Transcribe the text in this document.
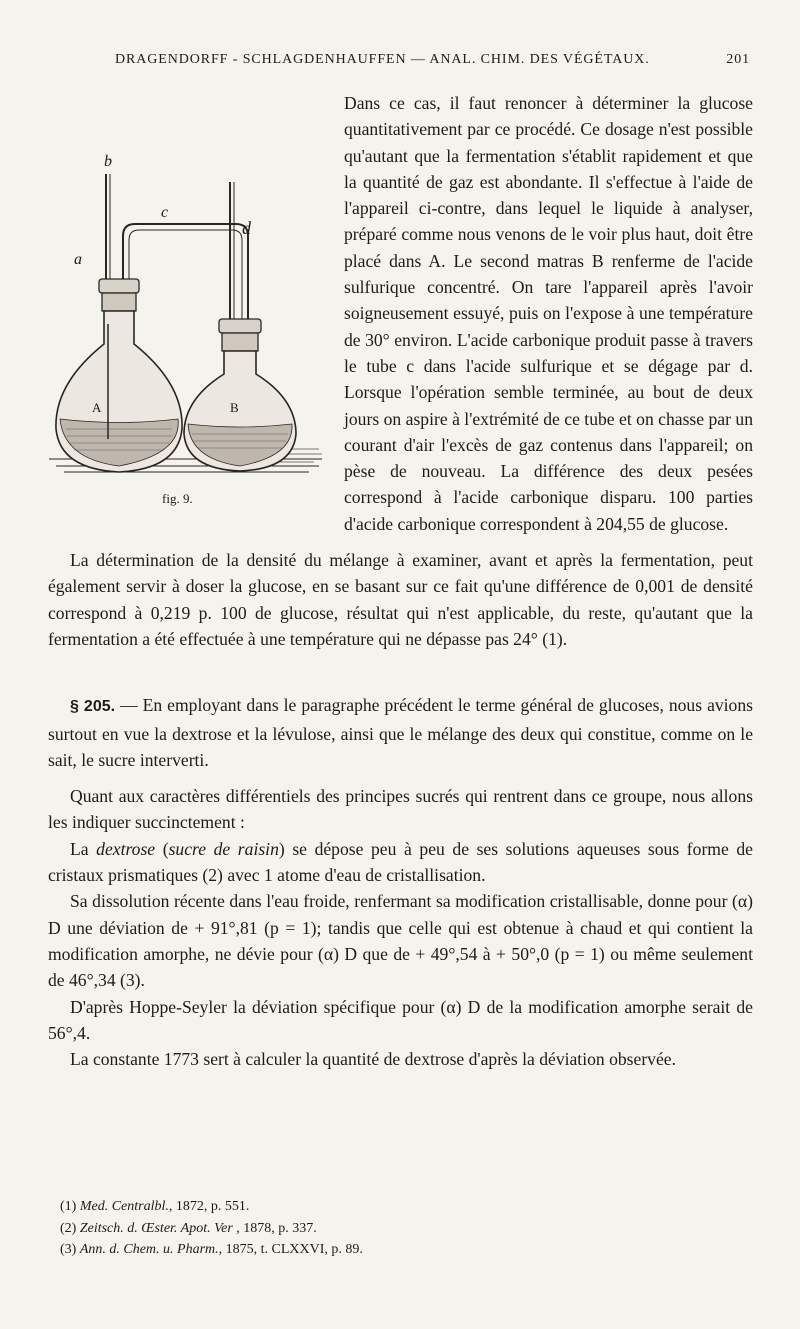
DRAGENDORFF - SCHLAGDENHAUFFEN — ANAL. CHIM. DES VÉGÉTAUX.	201
b
a
c
d
A	B
fig. 9.

Dans ce cas, il faut renoncer à déterminer la glucose quantitativement par ce procédé. Ce dosage n'est possible qu'autant que la fermentation s'établit rapidement et que la quantité de gaz est abondante. Il s'effectue à l'aide de l'appareil ci-contre, dans lequel le liquide à analyser, préparé comme nous venons de le voir plus haut, doit être placé dans A. Le second matras B renferme de l'acide sulfurique concentré. On tare l'appareil après l'avoir soigneusement essuyé, puis on l'expose à une température de 30° environ. L'acide carbonique produit passe à travers le tube c dans l'acide sulfurique et se dégage par d. Lorsque l'opération semble terminée, au bout de deux jours on aspire à l'extrémité de ce tube et on chasse par un courant d'air l'excès de gaz contenus dans l'appareil; on pèse de nouveau. La différence des deux pesées correspond à l'acide carbonique disparu. 100 parties d'acide carbonique correspondent à 204,55 de glucose.

La détermination de la densité du mélange à examiner, avant et après la fermentation, peut également servir à doser la glucose, en se basant sur ce fait qu'une différence de 0,001 de densité correspond à 0,219 p. 100 de glucose, résultat qui n'est applicable, du reste, qu'autant que la fermentation a été effectuée à une température qui ne dépasse pas 24° (1).

§ 205. — En employant dans le paragraphe précédent le terme général de glucoses, nous avions surtout en vue la dextrose et la lévulose, ainsi que le mélange des deux qui constitue, comme on le sait, le sucre interverti.

Quant aux caractères différentiels des principes sucrés qui rentrent dans ce groupe, nous allons les indiquer succinctement :

La dextrose (sucre de raisin) se dépose peu à peu de ses solutions aqueuses sous forme de cristaux prismatiques (2) avec 1 atome d'eau de cristallisation.

Sa dissolution récente dans l'eau froide, renfermant sa modification cristallisable, donne pour (α) D une déviation de + 91°,81 (p = 1); tandis que celle qui est obtenue à chaud et qui contient la modification amorphe, ne dévie pour (α) D que de + 49°,54 à + 50°,0 (p = 1) ou même seulement de 46°,34 (3).

D'après Hoppe-Seyler la déviation spécifique pour (α) D de la modification amorphe serait de 56°,4.

La constante 1773 sert à calculer la quantité de dextrose d'après la déviation observée.

(1) Med. Centralbl., 1872, p. 551.
(2) Zeitsch. d. Œster. Apot. Ver , 1878, p. 337.
(3) Ann. d. Chem. u. Pharm., 1875, t. CLXXVI, p. 89.
